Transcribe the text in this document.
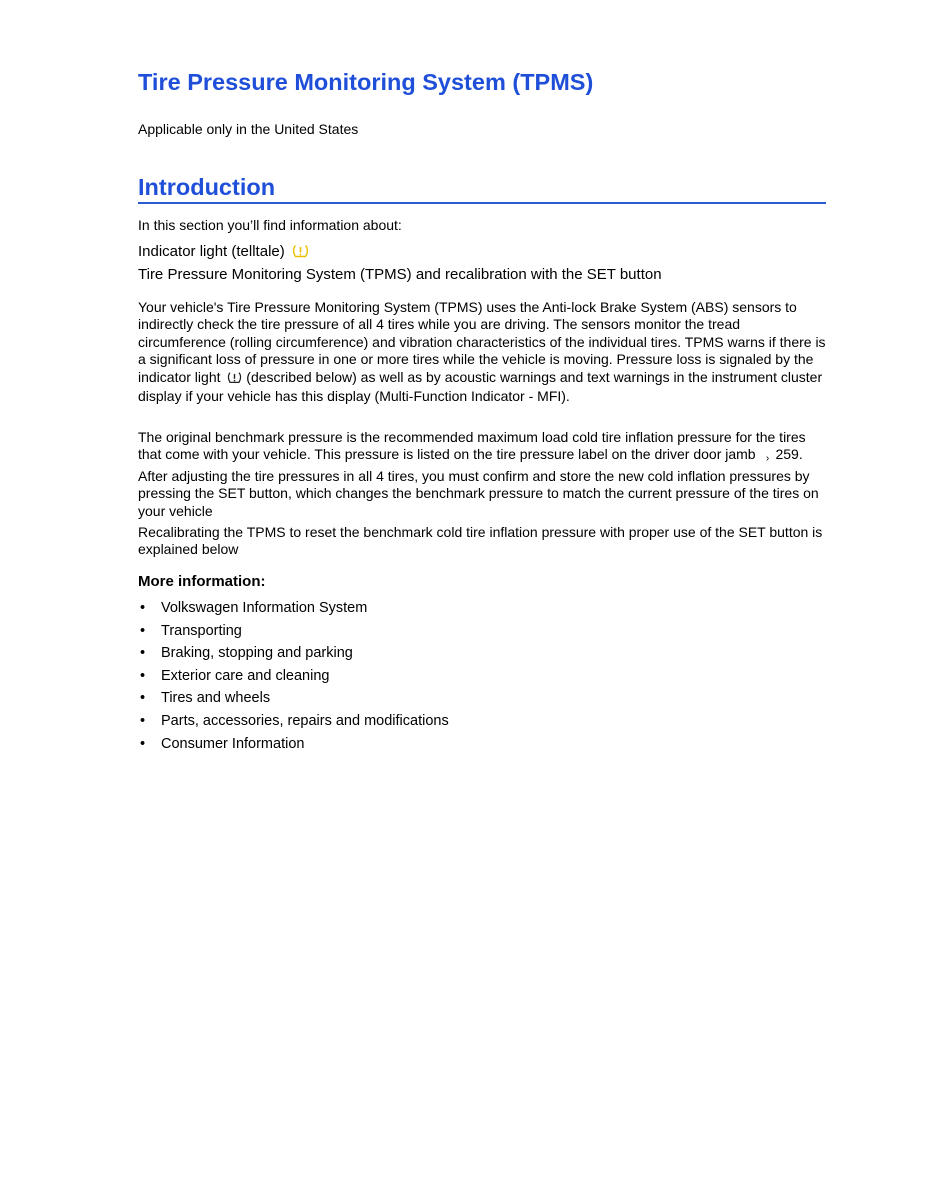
Tire Pressure Monitoring System (TPMS)
Applicable only in the United States
Introduction
In this section you’ll find information about:
Indicator light (telltale)
Tire Pressure Monitoring System (TPMS) and recalibration with the SET button

Your vehicle's Tire Pressure Monitoring System (TPMS) uses the Anti-lock Brake System (ABS) sensors to indirectly check the tire pressure of all 4 tires while you are driving. The sensors monitor the tread circumference (rolling circumference) and vibration characteristics of the individual tires. TPMS warns if there is a significant loss of pressure in one or more tires while the vehicle is moving. Pressure loss is signaled by the indicator light (described below) as well as by acoustic warnings and text warnings in the instrument cluster display if your vehicle has this display (Multi-Function Indicator - MFI).

The original benchmark pressure is the recommended maximum load cold tire inflation pressure for the tires that come with your vehicle. This pressure is listed on the tire pressure label on the driver door jamb › 259. After adjusting the tire pressures in all 4 tires, you must confirm and store the new cold inflation pressures by pressing the SET button, which changes the benchmark pressure to match the current pressure of the tires on your vehicle

Recalibrating the TPMS to reset the benchmark cold tire inflation pressure with proper use of the SET button is explained below

More information:
• Volkswagen Information System
• Transporting
• Braking, stopping and parking
• Exterior care and cleaning
• Tires and wheels
• Parts, accessories, repairs and modifications
• Consumer Information
